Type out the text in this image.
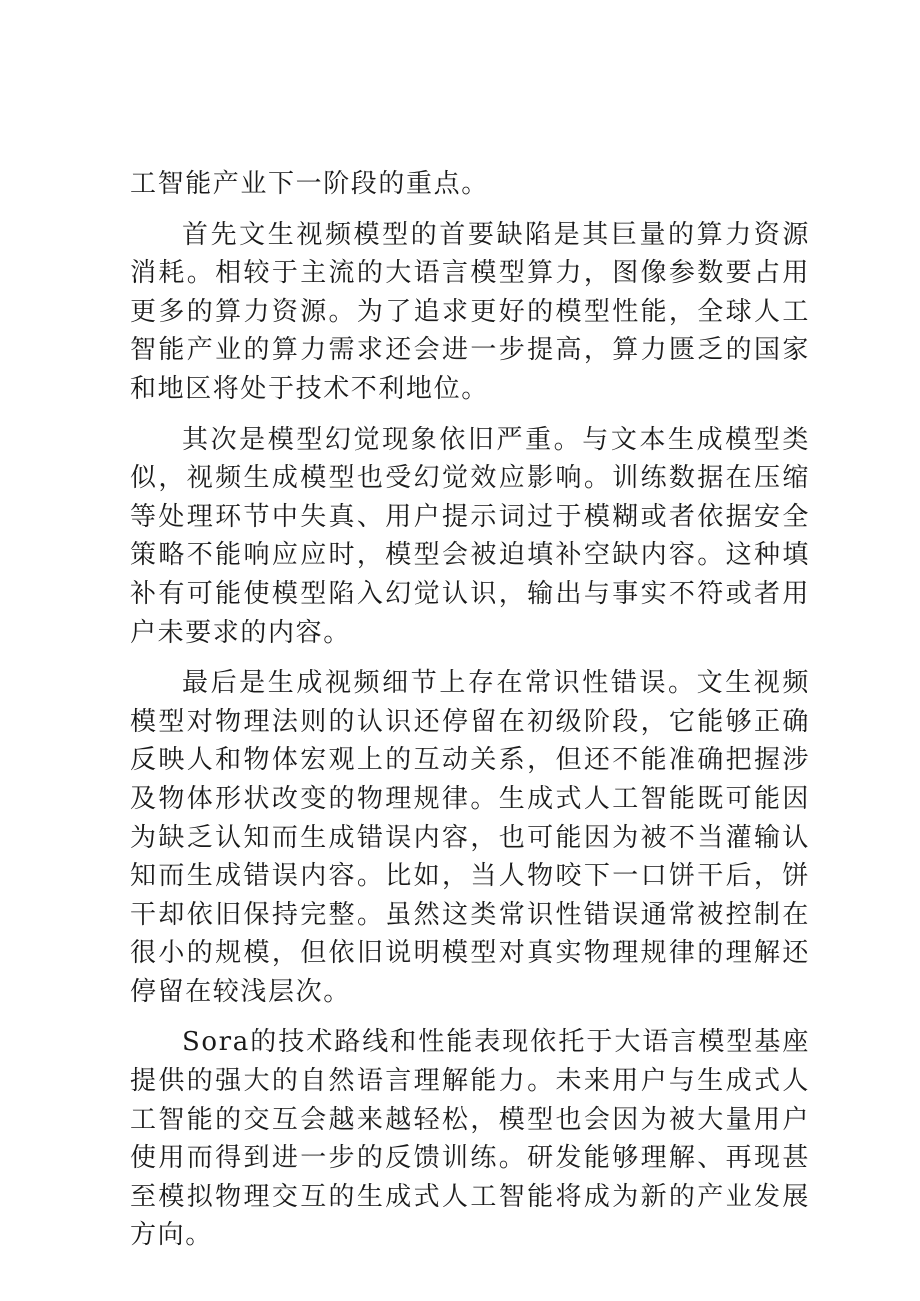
工智能产业下一阶段的重点。

首先文生视频模型的首要缺陷是其巨量的算力资源消耗。相较于主流的大语言模型算力，图像参数要占用更多的算力资源。为了追求更好的模型性能，全球人工智能产业的算力需求还会进一步提高，算力匮乏的国家和地区将处于技术不利地位。

其次是模型幻觉现象依旧严重。与文本生成模型类似，视频生成模型也受幻觉效应影响。训练数据在压缩等处理环节中失真、用户提示词过于模糊或者依据安全策略不能响应应时，模型会被迫填补空缺内容。这种填补有可能使模型陷入幻觉认识，输出与事实不符或者用户未要求的内容。

最后是生成视频细节上存在常识性错误。文生视频模型对物理法则的认识还停留在初级阶段，它能够正确反映人和物体宏观上的互动关系，但还不能准确把握涉及物体形状改变的物理规律。生成式人工智能既可能因为缺乏认知而生成错误内容，也可能因为被不当灌输认知而生成错误内容。比如，当人物咬下一口饼干后，饼干却依旧保持完整。虽然这类常识性错误通常被控制在很小的规模，但依旧说明模型对真实物理规律的理解还停留在较浅层次。

Sora的技术路线和性能表现依托于大语言模型基座提供的强大的自然语言理解能力。未来用户与生成式人工智能的交互会越来越轻松，模型也会因为被大量用户使用而得到进一步的反馈训练。研发能够理解、再现甚至模拟物理交互的生成式人工智能将成为新的产业发展方向。
